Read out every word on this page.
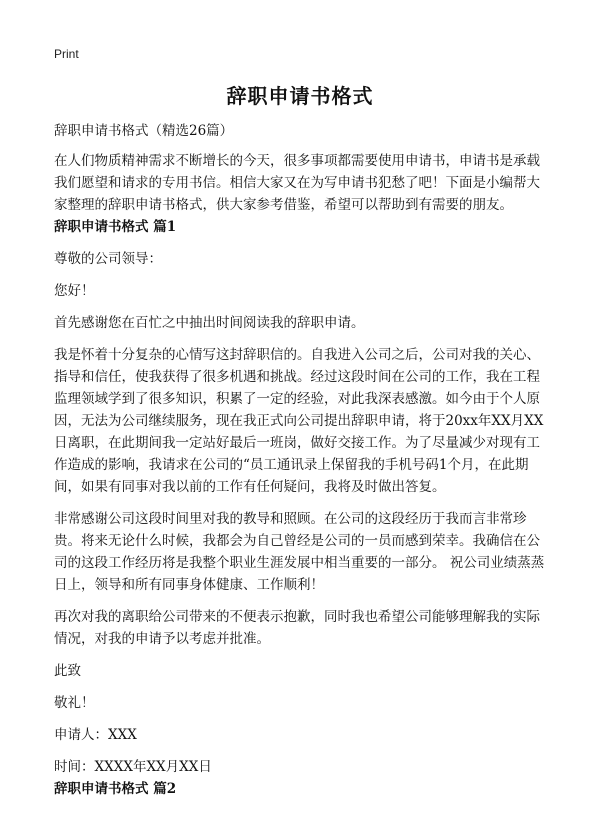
Print
辞职申请书格式

辞职申请书格式（精选26篇）

在人们物质精神需求不断增长的今天，很多事项都需要使用申请书，申请书是承载我们愿望和请求的专用书信。相信大家又在为写申请书犯愁了吧！下面是小编帮大家整理的辞职申请书格式，供大家参考借鉴，希望可以帮助到有需要的朋友。

辞职申请书格式 篇1

尊敬的公司领导：

您好！

首先感谢您在百忙之中抽出时间阅读我的辞职申请。

我是怀着十分复杂的心情写这封辞职信的。自我进入公司之后，公司对我的关心、指导和信任，使我获得了很多机遇和挑战。经过这段时间在公司的工作，我在工程监理领域学到了很多知识，积累了一定的经验，对此我深表感激。如今由于个人原因，无法为公司继续服务，现在我正式向公司提出辞职申请，将于20xx年XX月XX日离职，在此期间我一定站好最后一班岗，做好交接工作。为了尽量减少对现有工作造成的影响，我请求在公司的“员工通讯录上保留我的手机号码1个月，在此期间，如果有同事对我以前的工作有任何疑问，我将及时做出答复。

非常感谢公司这段时间里对我的教导和照顾。在公司的这段经历于我而言非常珍贵。将来无论什么时候，我都会为自己曾经是公司的一员而感到荣幸。我确信在公司的这段工作经历将是我整个职业生涯发展中相当重要的一部分。 祝公司业绩蒸蒸日上，领导和所有同事身体健康、工作顺利！

再次对我的离职给公司带来的不便表示抱歉，同时我也希望公司能够理解我的实际情况，对我的申请予以考虑并批准。

此致

敬礼！

申请人：XXX

时间：XXXX年XX月XX日

辞职申请书格式 篇2
